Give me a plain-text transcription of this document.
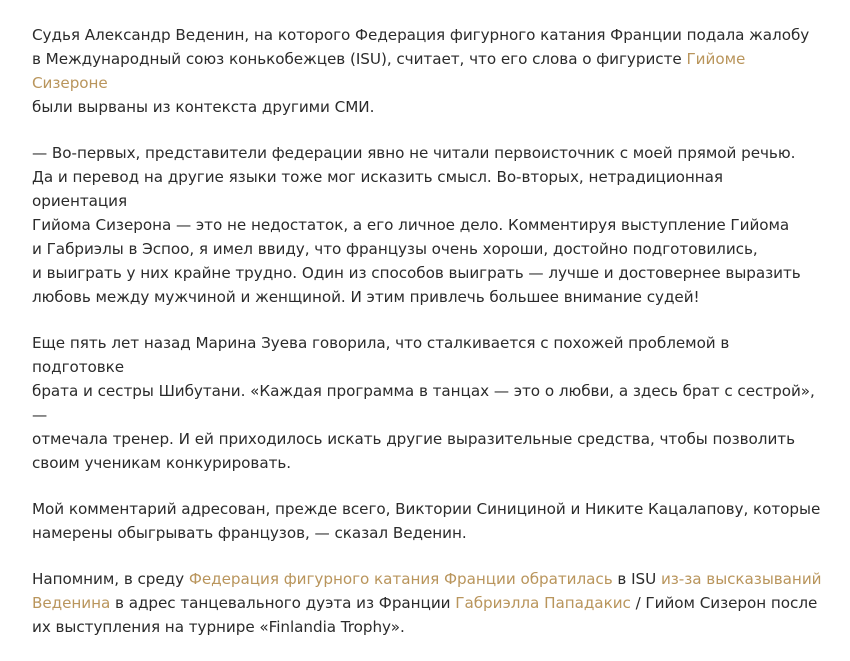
Судья Александр Веденин, на которого Федерация фигурного катания Франции подала жалобу
в Международный союз конькобежцев (ISU), считает, что его слова о фигуристе Гийоме Сизероне
были вырваны из контекста другими СМИ.

— Во-первых, представители федерации явно не читали первоисточник с моей прямой речью.
Да и перевод на другие языки тоже мог исказить смысл. Во-вторых, нетрадиционная ориентация
Гийома Сизерона — это не недостаток, а его личное дело. Комментируя выступление Гийома
и Габриэлы в Эспоо, я имел ввиду, что французы очень хороши, достойно подготовились,
и выиграть у них крайне трудно. Один из способов выиграть — лучше и достовернее выразить
любовь между мужчиной и женщиной. И этим привлечь большее внимание судей!

Еще пять лет назад Марина Зуева говорила, что сталкивается с похожей проблемой в подготовке
брата и сестры Шибутани. «Каждая программа в танцах — это о любви, а здесь брат с сестрой», —
отмечала тренер. И ей приходилось искать другие выразительные средства, чтобы позволить
своим ученикам конкурировать.

Мой комментарий адресован, прежде всего, Виктории Синициной и Никите Кацалапову, которые
намерены обыгрывать французов, — сказал Веденин.

Напомним, в среду Федерация фигурного катания Франции обратилась в ISU из-за высказываний
Веденина в адрес танцевального дуэта из Франции Габриэлла Пападакис / Гийом Сизерон после
их выступления на турнире «Finlandia Trophy».
